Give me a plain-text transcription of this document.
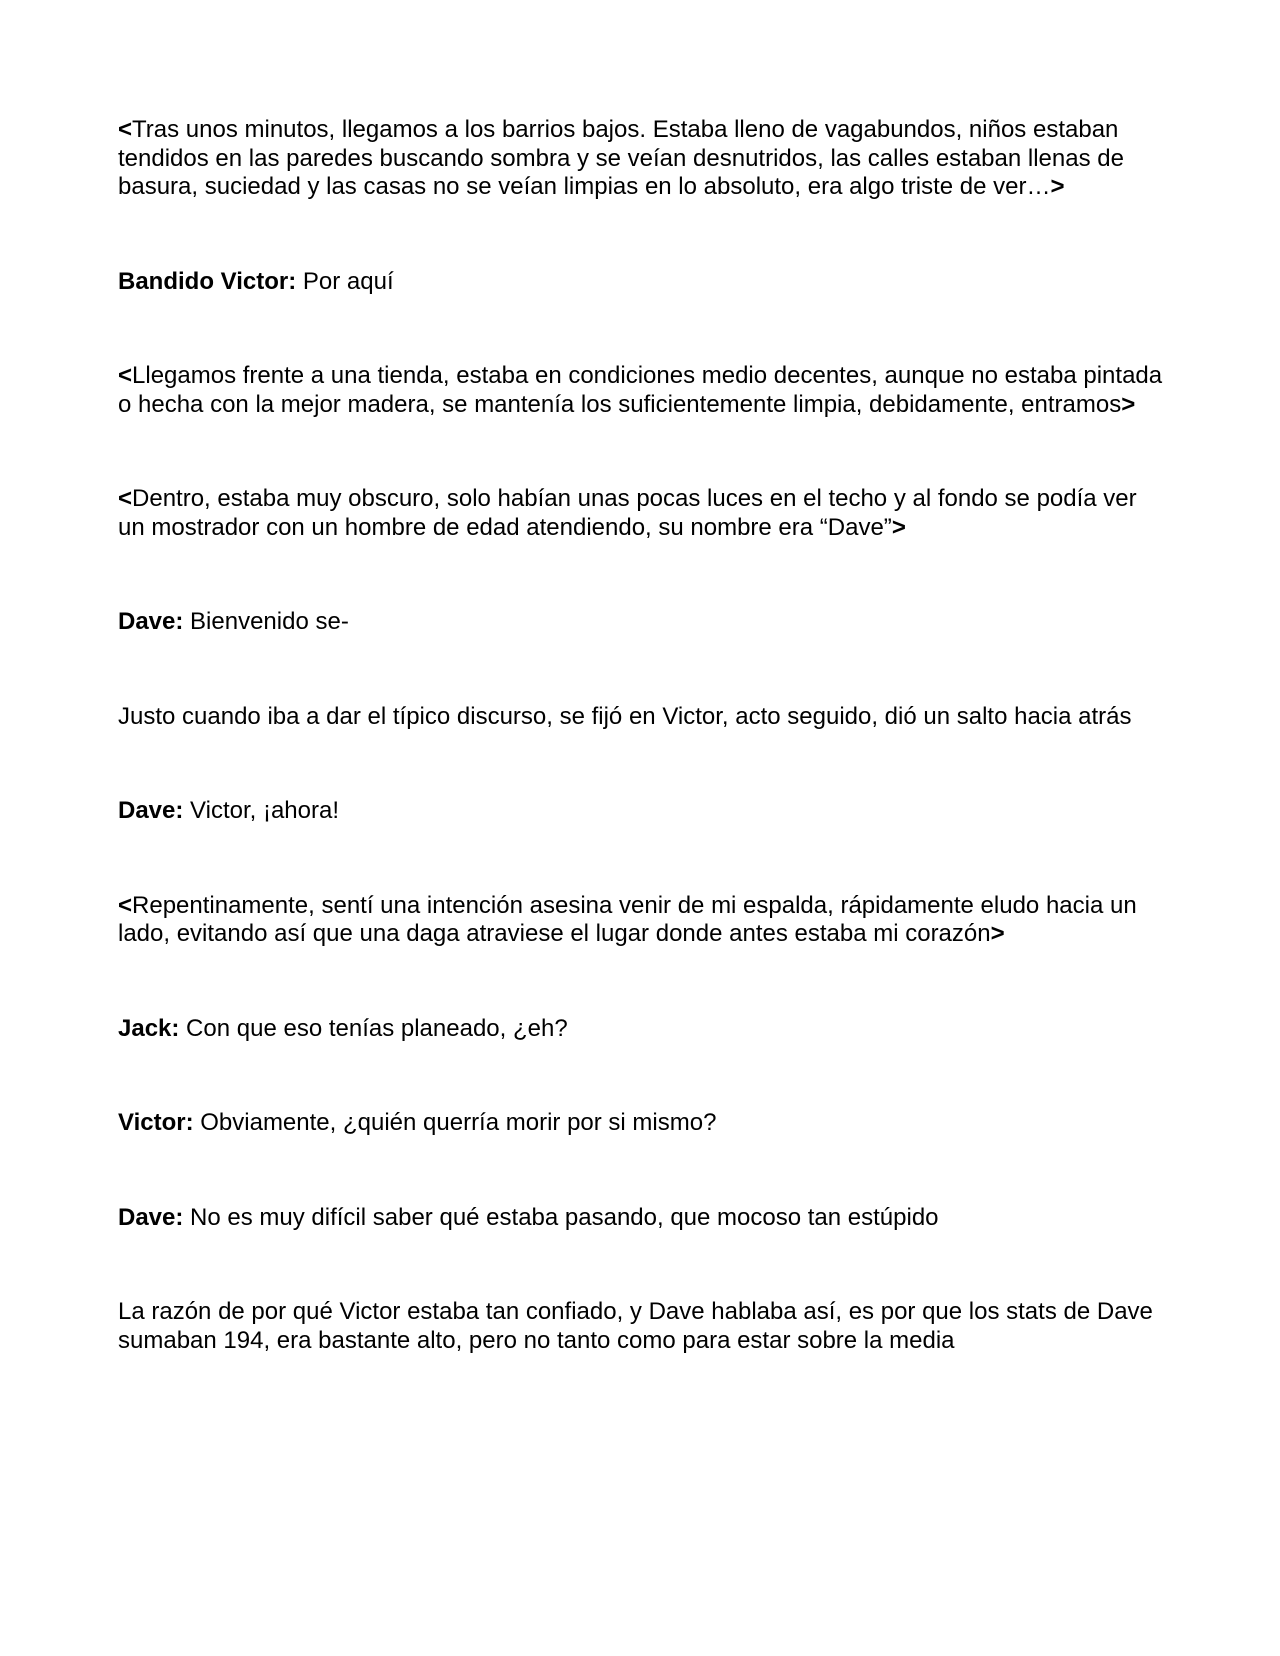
<Tras unos minutos, llegamos a los barrios bajos. Estaba lleno de vagabundos, niños estaban tendidos en las paredes buscando sombra y se veían desnutridos, las calles estaban llenas de basura, suciedad y las casas no se veían limpias en lo absoluto, era algo triste de ver…>

Bandido Victor: Por aquí

<Llegamos frente a una tienda, estaba en condiciones medio decentes, aunque no estaba pintada o hecha con la mejor madera, se mantenía los suficientemente limpia, debidamente, entramos>

<Dentro, estaba muy obscuro, solo habían unas pocas luces en el techo y al fondo se podía ver un mostrador con un hombre de edad atendiendo, su nombre era “Dave”>

Dave: Bienvenido se-

Justo cuando iba a dar el típico discurso, se fijó en Victor, acto seguido, dió un salto hacia atrás

Dave: Victor, ¡ahora!

<Repentinamente, sentí una intención asesina venir de mi espalda, rápidamente eludo hacia un lado, evitando así que una daga atraviese el lugar donde antes estaba mi corazón>

Jack: Con que eso tenías planeado, ¿eh?

Victor: Obviamente, ¿quién querría morir por si mismo?

Dave: No es muy difícil saber qué estaba pasando, que mocoso tan estúpido

La razón de por qué Victor estaba tan confiado, y Dave hablaba así, es por que los stats de Dave sumaban 194, era bastante alto, pero no tanto como para estar sobre la media
